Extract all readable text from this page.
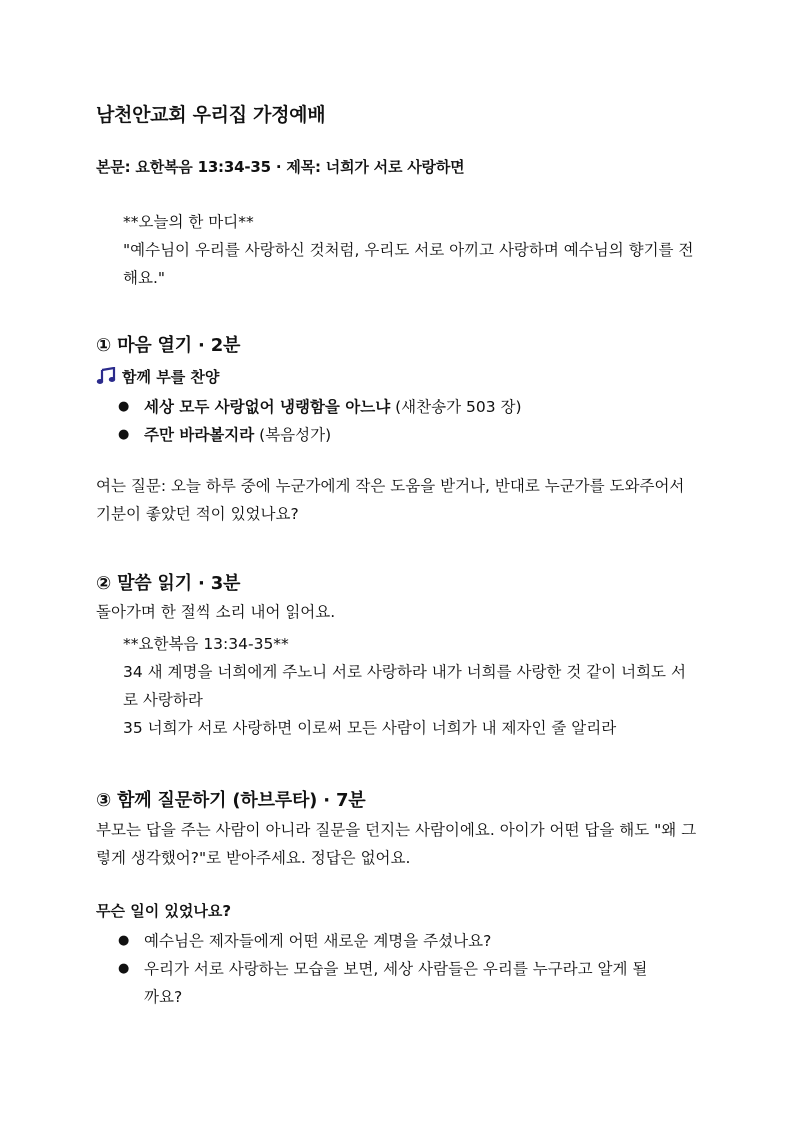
남천안교회 우리집 가정예배
본문: 요한복음 13:34-35 · 제목: 너희가 서로 사랑하면
**오늘의 한 마디**
"예수님이 우리를 사랑하신 것처럼, 우리도 서로 아끼고 사랑하며 예수님의 향기를 전해요."
① 마음 열기 · 2분
함께 부를 찬양
● 세상 모두 사랑없어 냉랭함을 아느냐 (새찬송가 503 장)
● 주만 바라볼지라 (복음성가)
여는 질문: 오늘 하루 중에 누군가에게 작은 도움을 받거나, 반대로 누군가를 도와주어서 기분이 좋았던 적이 있었나요?
② 말씀 읽기 · 3분
돌아가며 한 절씩 소리 내어 읽어요.
**요한복음 13:34-35**
34 새 계명을 너희에게 주노니 서로 사랑하라 내가 너희를 사랑한 것 같이 너희도 서로 사랑하라
35 너희가 서로 사랑하면 이로써 모든 사람이 너희가 내 제자인 줄 알리라
③ 함께 질문하기 (하브루타) · 7분
부모는 답을 주는 사람이 아니라 질문을 던지는 사람이에요. 아이가 어떤 답을 해도 "왜 그렇게 생각했어?"로 받아주세요. 정답은 없어요.
무슨 일이 있었나요?
● 예수님은 제자들에게 어떤 새로운 계명을 주셨나요?
● 우리가 서로 사랑하는 모습을 보면, 세상 사람들은 우리를 누구라고 알게 될까요?
